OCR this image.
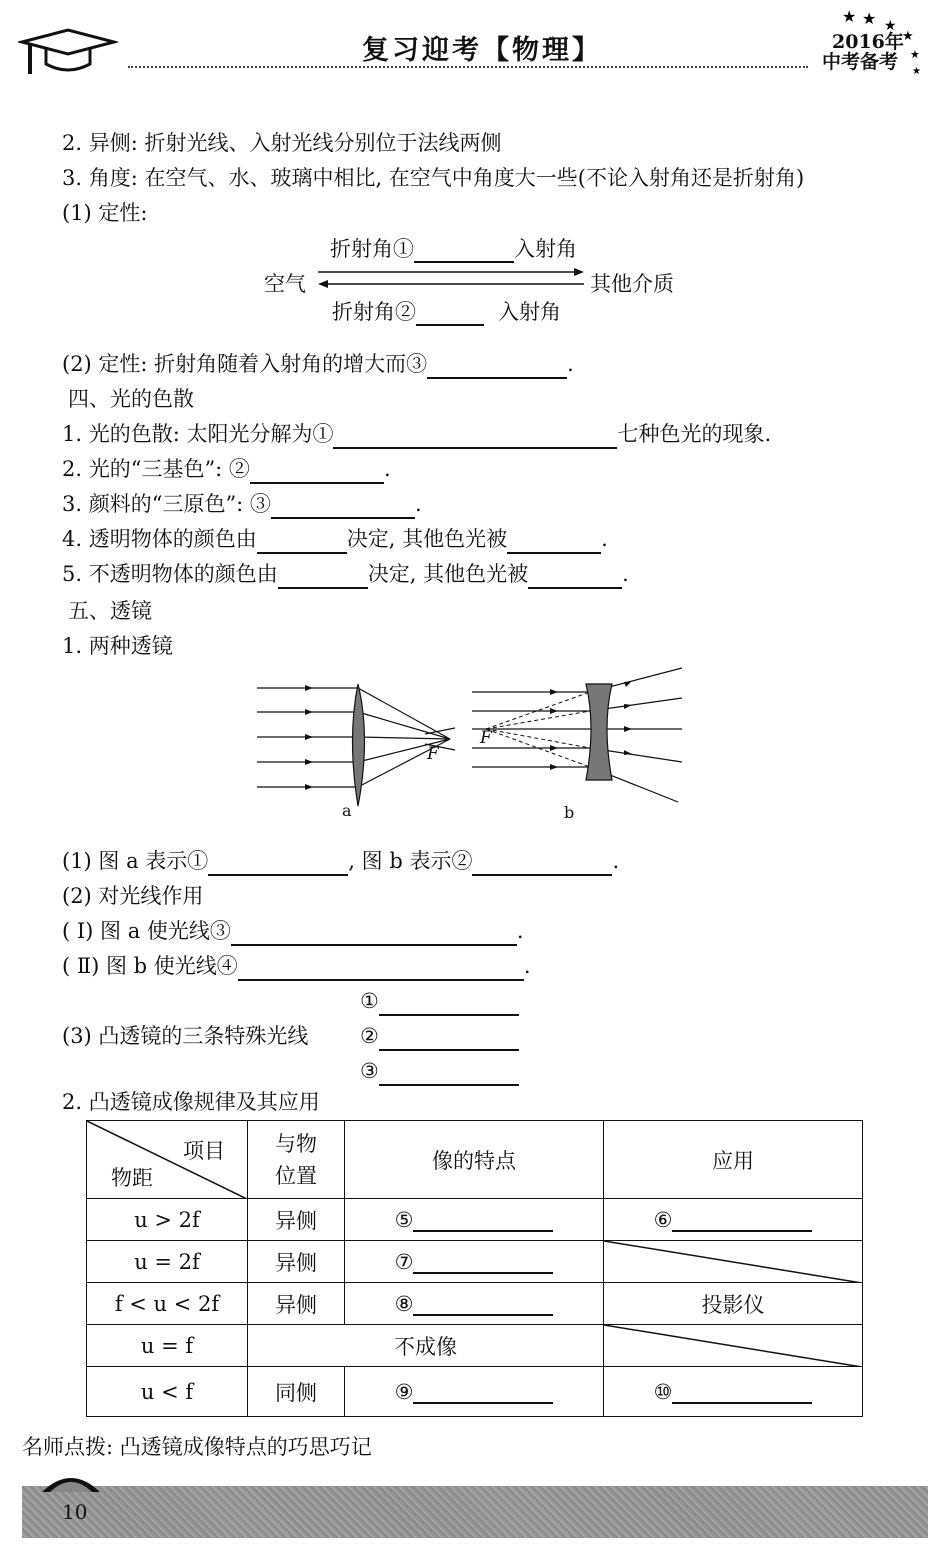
复习迎考【物理】
★ ★ ★
★
★
★
2016年
中考备考
2. 异侧: 折射光线、入射光线分别位于法线两侧
3. 角度: 在空气、水、玻璃中相比, 在空气中角度大一些(不论入射角还是折射角)
(1) 定性:
折射角①	入射角
空气	其他介质
折射角②	入射角
(2) 定性: 折射角随着入射角的增大而③	.
四、光的色散
1. 光的色散: 太阳光分解为①	七种色光的现象.
2. 光的“三基色”: ②	.
3. 颜料的“三原色”: ③	.
4. 透明物体的颜色由	决定, 其他色光被	.
5. 不透明物体的颜色由	决定, 其他色光被	.
五、透镜
1. 两种透镜
F
a
F
b
(1) 图 a 表示①	, 图 b 表示②	.
(2) 对光线作用
( Ⅰ) 图 a 使光线③	.
( Ⅱ) 图 b 使光线④	.
①
(3) 凸透镜的三条特殊光线 ②
③
2. 凸透镜成像规律及其应用
项目
物距	与物位置	像的特点	应用
u > 2f	异侧	⑤	⑥
u = 2f	异侧	⑦	

f < u < 2f	异侧	⑧	投影仪
u = f	不成像	

u < f	同侧	⑨	⑩
名师点拨: 凸透镜成像特点的巧思巧记
10
